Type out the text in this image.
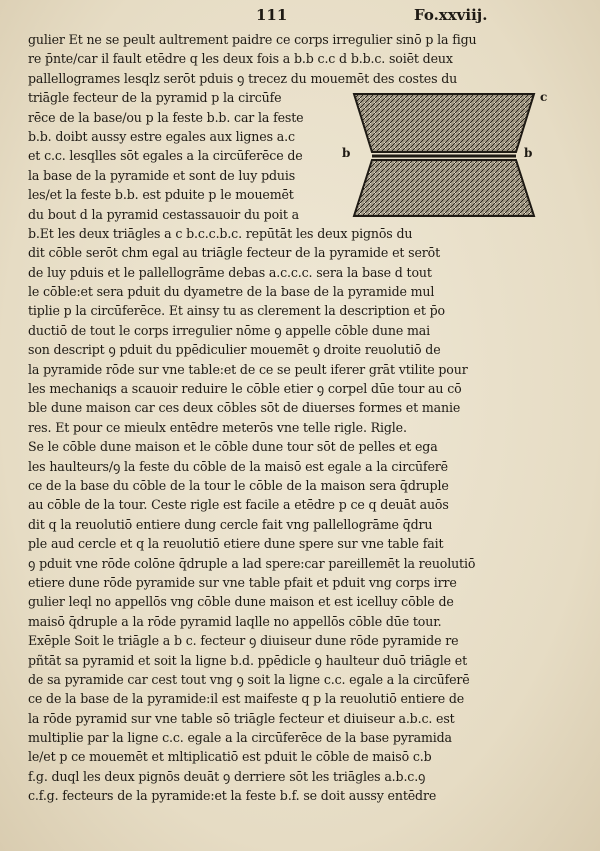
111	Fo.xxviij.
gulier Et ne se peult aultrement paidre ce corps irregulier sinō p la figu
re p̄nte/car il fault etēdre q les deux fois a b.b c.c d b.b.c. soiēt deux
pallellogrames lesqlz serōt pduis ꝯ trecez du mouemēt des costes du
triāgle fecteur de la pyramid p la circūfe
rēce de la base/ou p la feste b.b. car la feste
b.b. doibt aussy estre egales aux lignes a.c
et c.c. lesqlles sōt egales a la circūferēce de
la base de la pyramide et sont de luy pduis
les/et la feste b.b. est pduite p le mouemēt
du bout d la pyramid cestassauoir du poit a
b.Et les deux triāgles a c b.c.c.b.c. repūtāt les deux pignōs du
dit cōble serōt chm egal au triāgle fecteur de la pyramide et serōt
de luy pduis et le pallellogrāme debas a.c.c.c. sera la base d tout
le cōble:et sera pduit du dyametre de la base de la pyramide mul
tiplie p la circūferēce. Et ainsy tu as clerement la description et p̄o
ductiō de tout le corps irregulier nōme ꝯ appelle cōble dune mai
son descript ꝯ pduit du ppēdiculier mouemēt ꝯ droite reuolutiō de
la pyramide rōde sur vne table:et de ce se peult iferer grāt vtilite pour
les mechaniqs a scauoir reduire le cōble etier ꝯ corpel dūe tour au cō
ble dune maison car ces deux cōbles sōt de diuerses formes et manie
res. Et pour ce mieulx entēdre meterōs vne telle rigle. Rigle.
Se le cōble dune maison et le cōble dune tour sōt de pelles et ega
les haulteurs/ꝯ la feste du cōble de la maisō est egale a la circūferē
ce de la base du cōble de la tour le cōble de la maison sera q̄druple
au cōble de la tour. Ceste rigle est facile a etēdre p ce q deuāt auōs
dit q la reuolutiō entiere dung cercle fait vng pallellogrāme q̄dru
ple aud cercle et q la reuolutiō etiere dune spere sur vne table fait
ꝯ pduit vne rōde colōne q̄druple a lad spere:car pareillemēt la reuolutiō
etiere dune rōde pyramide sur vne table pfait et pduit vng corps irre
gulier leql no appellōs vng cōble dune maison et est icelluy cōble de
maisō q̄druple a la rōde pyramid laqlle no appellōs cōble dūe tour.
Exēple Soit le triāgle a b c. fecteur ꝯ diuiseur dune rōde pyramide re
pñtāt sa pyramid et soit la ligne b.d. ppēdicle ꝯ haulteur duō triāgle et
de sa pyramide car cest tout vng ꝯ soit la ligne c.c. egale a la circūferē
ce de la base de la pyramide:il est maifeste q p la reuolutiō entiere de
la rōde pyramid sur vne table sō triāgle fecteur et diuiseur a.b.c. est
multiplie par la ligne c.c. egale a la circūferēce de la base pyramida
le/et p ce mouemēt et mltiplicatiō est pduit le cōble de maisō c.b
f.g. duql les deux pignōs deuāt ꝯ derriere sōt les triāgles a.b.c.ꝯ
c.f.g. fecteurs de la pyramide:et la feste b.f. se doit aussy entēdre
c
b	b
